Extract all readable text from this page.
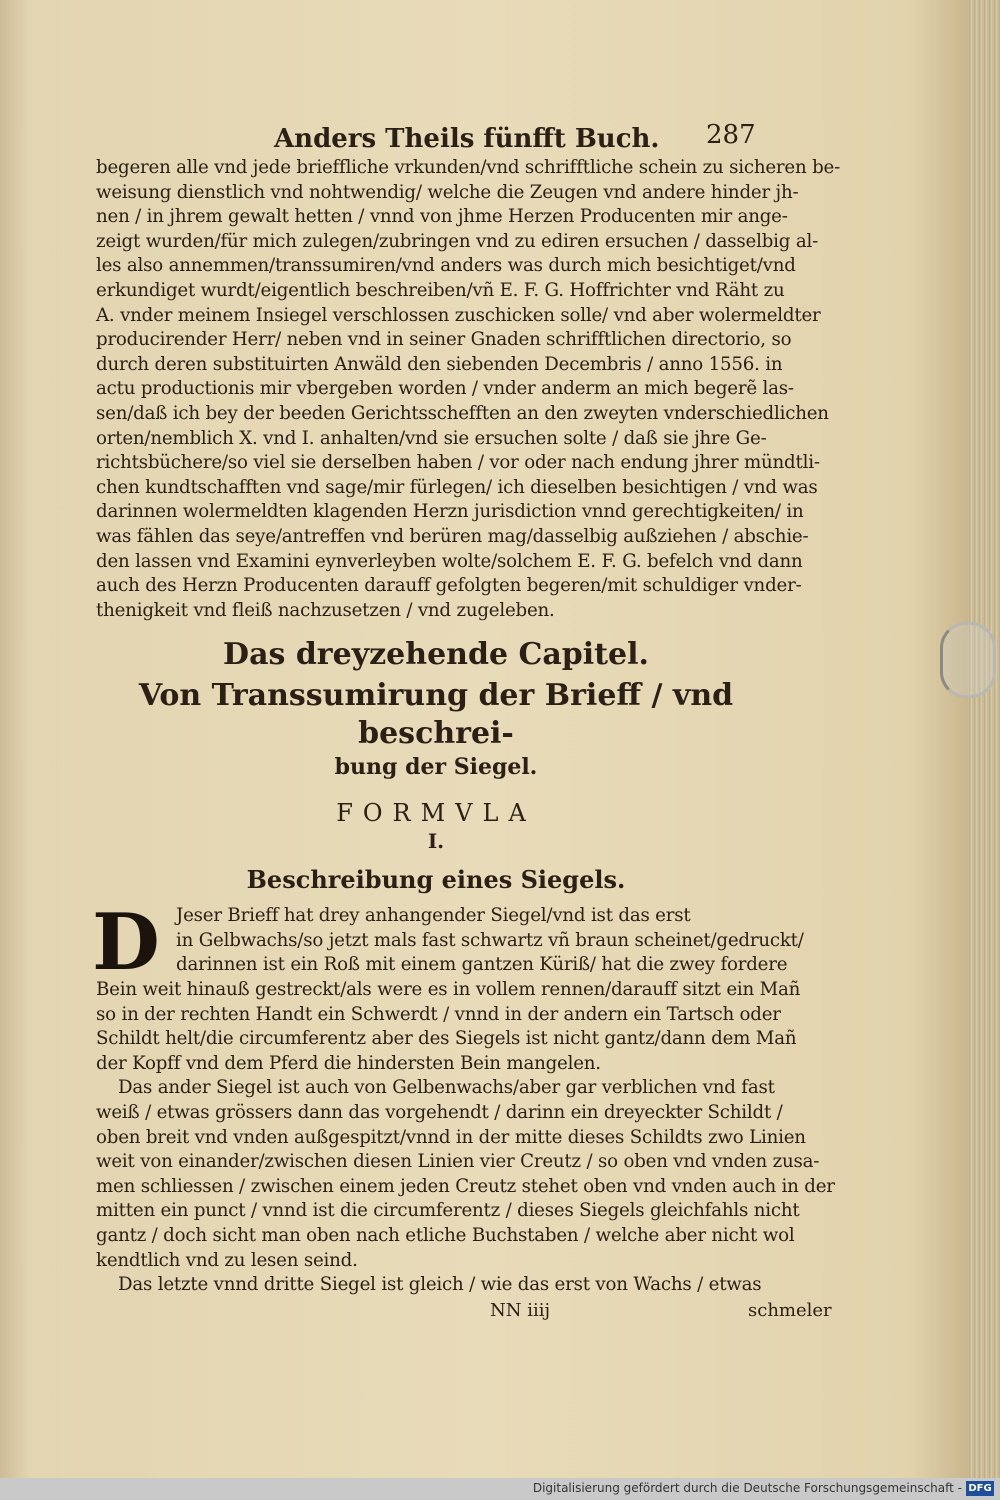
Anders Theils fünfft Buch. 287
begeren alle vnd jede brieffliche vrkunden/vnd schrifftliche schein zu sicheren be-
weisung dienstlich vnd nohtwendig/ welche die Zeugen vnd andere hinder jh-
nen / in jhrem gewalt hetten / vnnd von jhme Herzen Producenten mir ange-
zeigt wurden/für mich zulegen/zubringen vnd zu ediren ersuchen / dasselbig al-
les also annemmen/transsumiren/vnd anders was durch mich besichtiget/vnd
erkundiget wurdt/eigentlich beschreiben/vñ E. F. G. Hoffrichter vnd Räht zu
A. vnder meinem Insiegel verschlossen zuschicken solle/ vnd aber wolermeldter
producirender Herr/ neben vnd in seiner Gnaden schrifftlichen directorio, so
durch deren substituirten Anwäld den siebenden Decembris / anno 1556. in
actu productionis mir vbergeben worden / vnder anderm an mich begerẽ las-
sen/daß ich bey der beeden Gerichtsschefften an den zweyten vnderschiedlichen
orten/nemblich X. vnd I. anhalten/vnd sie ersuchen solte / daß sie jhre Ge-
richtsbüchere/so viel sie derselben haben / vor oder nach endung jhrer mündtli-
chen kundtschafften vnd sage/mir fürlegen/ ich dieselben besichtigen / vnd was
darinnen wolermeldten klagenden Herzn jurisdiction vnnd gerechtigkeiten/ in
was fählen das seye/antreffen vnd berüren mag/dasselbig außziehen / abschie-
den lassen vnd Examini eynverleyben wolte/solchem E. F. G. befelch vnd dann
auch des Herzn Producenten darauff gefolgten begeren/mit schuldiger vnder-
thenigkeit vnd fleiß nachzusetzen / vnd zugeleben.
Das dreyzehende Capitel.
Von Transsumirung der Brieff / vnd beschrei-
bung der Siegel.
FORMVLA
I.
Beschreibung eines Siegels.
D Jeser Brieff hat drey anhangender Siegel/vnd ist das erst
in Gelbwachs/so jetzt mals fast schwartz vñ braun scheinet/gedruckt/
darinnen ist ein Roß mit einem gantzen Küriß/ hat die zwey fordere
Bein weit hinauß gestreckt/als were es in vollem rennen/darauff sitzt ein Mañ
so in der rechten Handt ein Schwerdt / vnnd in der andern ein Tartsch oder
Schildt helt/die circumferentz aber des Siegels ist nicht gantz/dann dem Mañ
der Kopff vnd dem Pferd die hindersten Bein mangelen.
Das ander Siegel ist auch von Gelbenwachs/aber gar verblichen vnd fast
weiß / etwas grössers dann das vorgehendt / darinn ein dreyeckter Schildt /
oben breit vnd vnden außgespitzt/vnnd in der mitte dieses Schildts zwo Linien
weit von einander/zwischen diesen Linien vier Creutz / so oben vnd vnden zusa-
men schliessen / zwischen einem jeden Creutz stehet oben vnd vnden auch in der
mitten ein punct / vnnd ist die circumferentz / dieses Siegels gleichfahls nicht
gantz / doch sicht man oben nach etliche Buchstaben / welche aber nicht wol
kendtlich vnd zu lesen seind.
Das letzte vnnd dritte Siegel ist gleich / wie das erst von Wachs / etwas
NN iiij	schmeler
Digitalisierung gefördert durch die Deutsche Forschungsgemeinschaft - DFG
